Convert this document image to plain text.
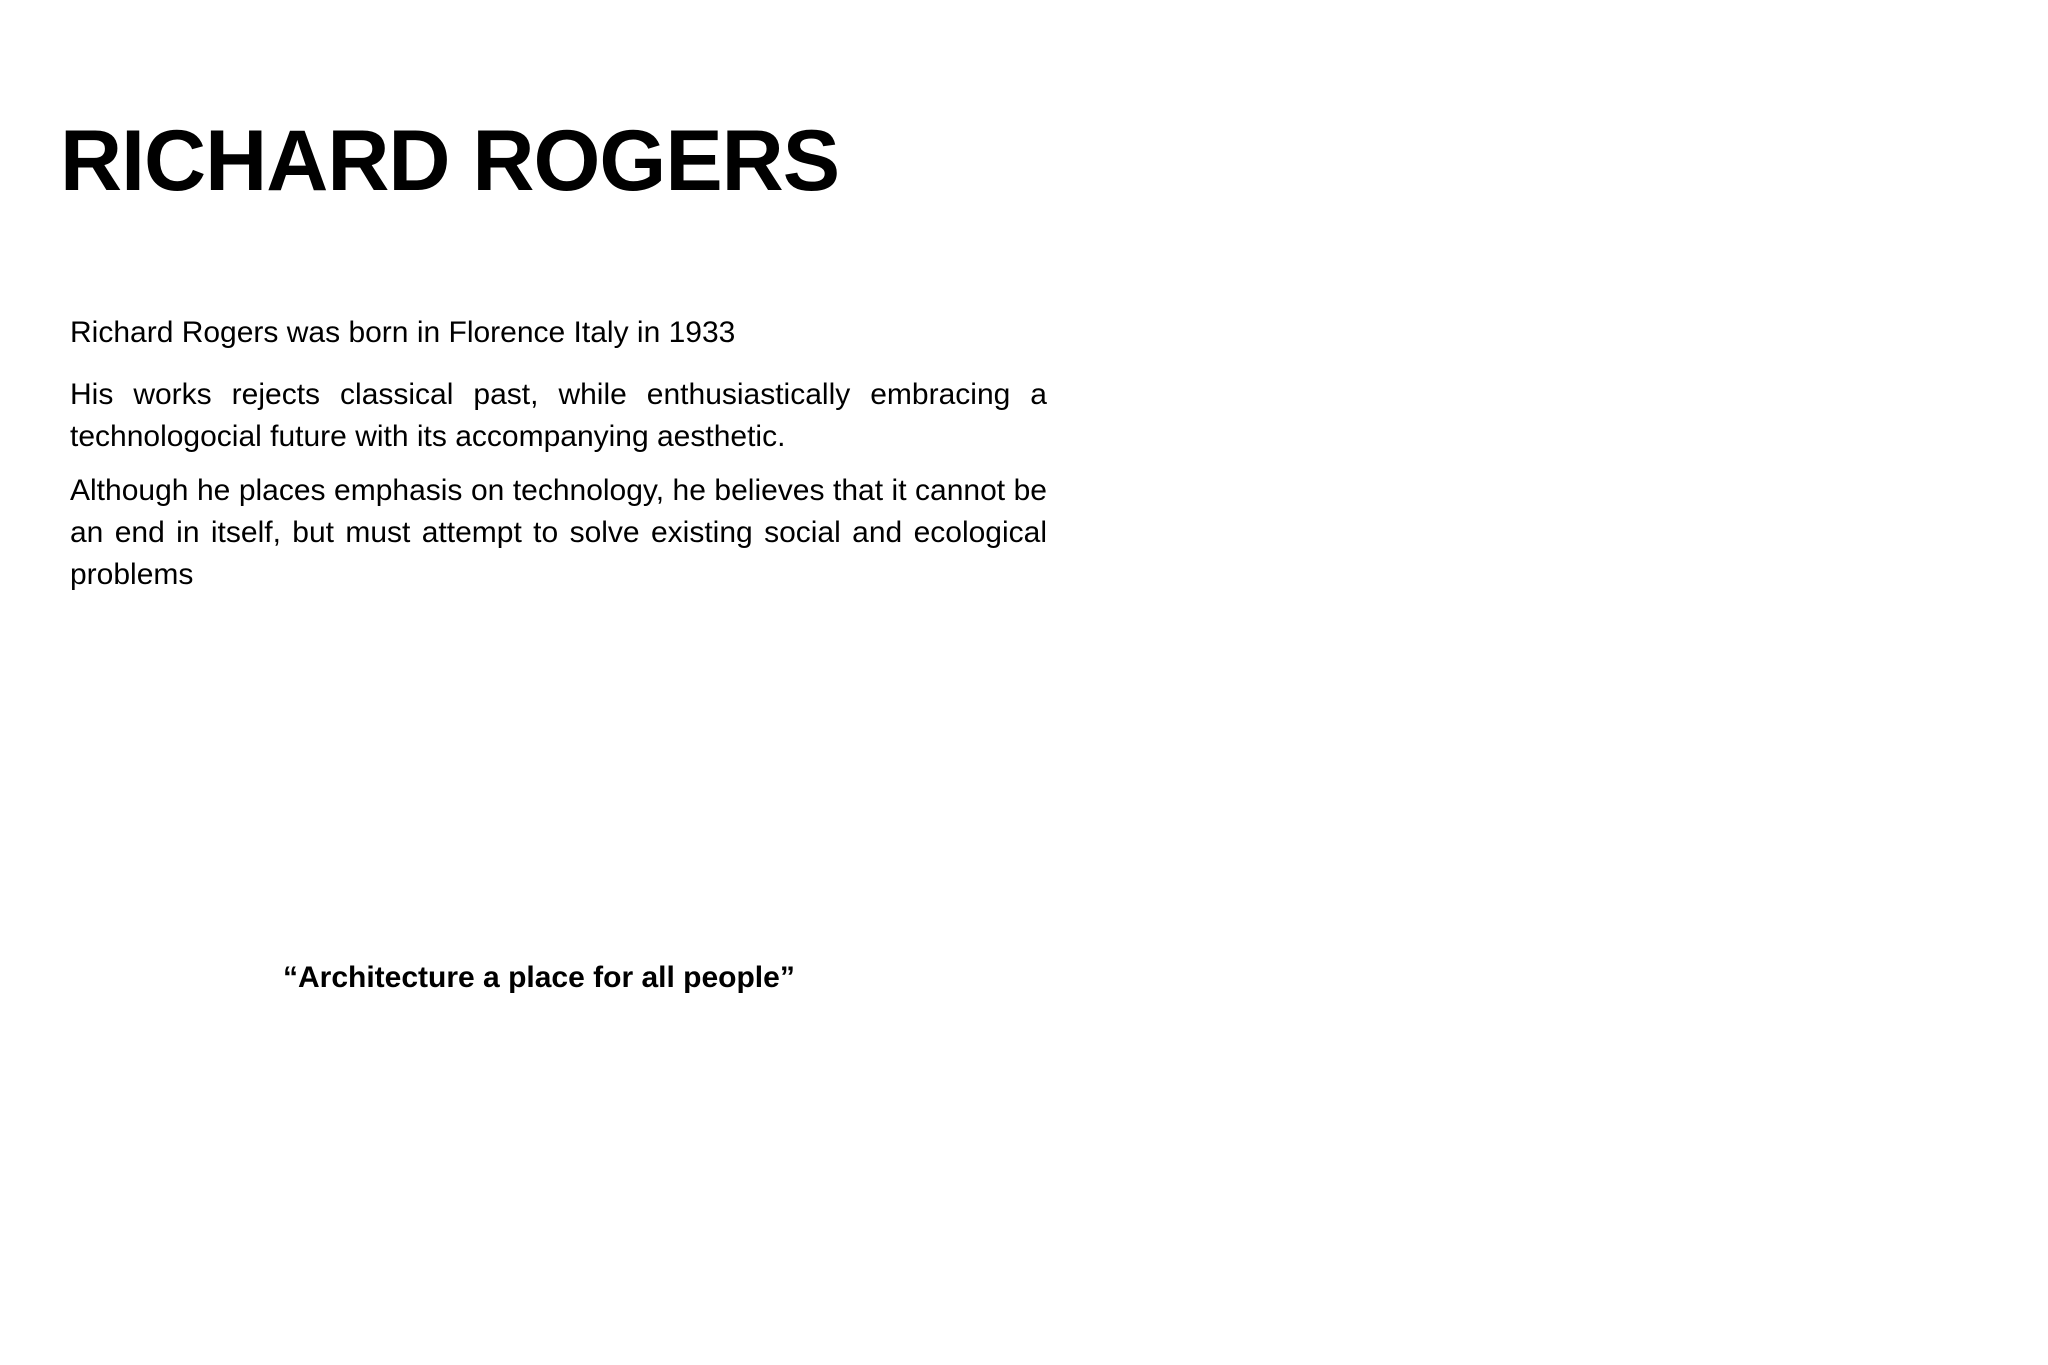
RICHARD ROGERS

Richard Rogers was born in Florence Italy in 1933

His works rejects classical past, while enthusiastically embracing a technologocial future with its accompanying aesthetic.

Although he places emphasis on technology, he believes that it cannot be an end in itself, but must attempt to solve existing social and ecological problems

“Architecture a place for all people”
